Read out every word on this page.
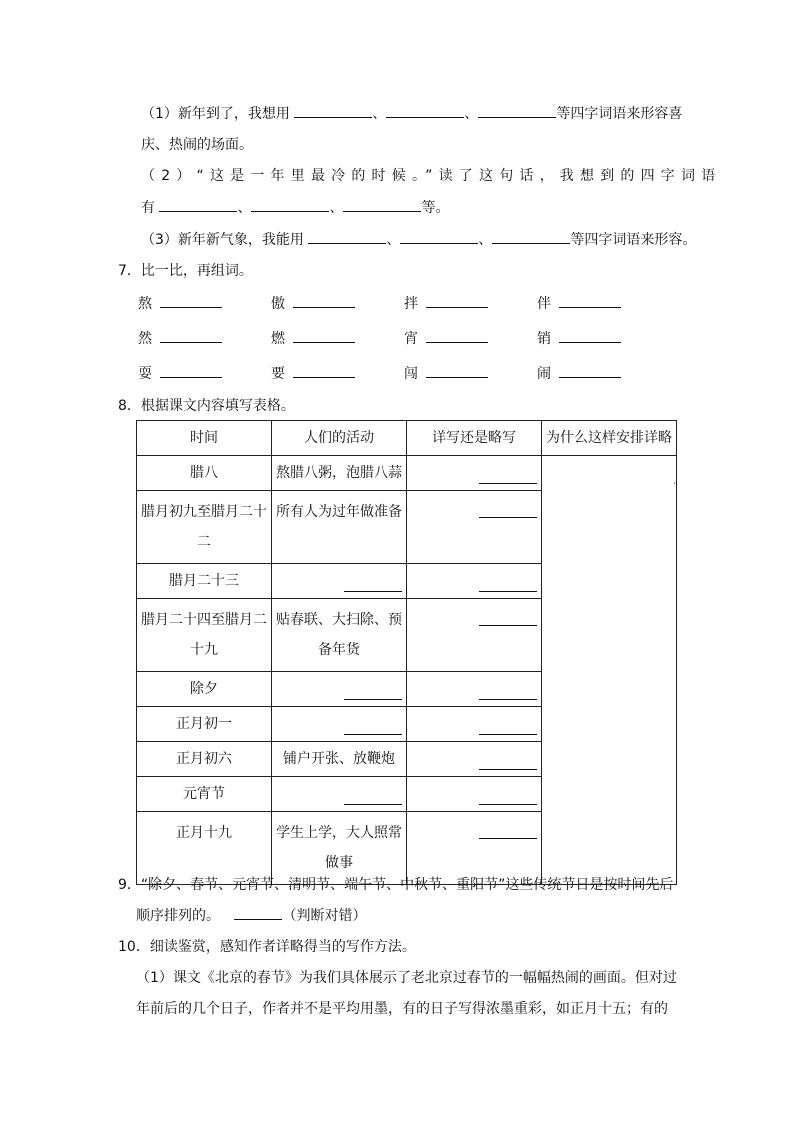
（1）新年到了，我想用	、	、	等四字词语来形容喜
庆、热闹的场面。
（2）“这是一年里最冷的时候。”读了这句话，我想到的四字词语
有	、	、	等。
（3）新年新气象，我能用	、	、	等四字词语来形容。
7．比一比，再组词。
熬	傲	拌	伴
然	燃	宵	销
耍	要	闯	闹
8．根据课文内容填写表格。
时间	人们的活动	详写还是略写	为什么这样安排详略
腊八	熬腊八粥，泡腊八蒜		·

腊月初九至腊月二十二	所有人为过年做准备		

腊月二十三		

腊月二十四至腊月二十九	贴春联、大扫除、预备年货		

除夕		

正月初一		

正月初六	铺户开张、放鞭炮		

元宵节		

正月十九	学生上学，大人照常做事		
9．“除夕、春节、元宵节、清明节、端午节、中秋节、重阳节”这些传统节日是按时间先后
顺序排列的。	（判断对错）
10．细读鉴赏，感知作者详略得当的写作方法。
（1）课文《北京的春节》为我们具体展示了老北京过春节的一幅幅热闹的画面。但对过
年前后的几个日子，作者并不是平均用墨，有的日子写得浓墨重彩，如正月十五；有的
